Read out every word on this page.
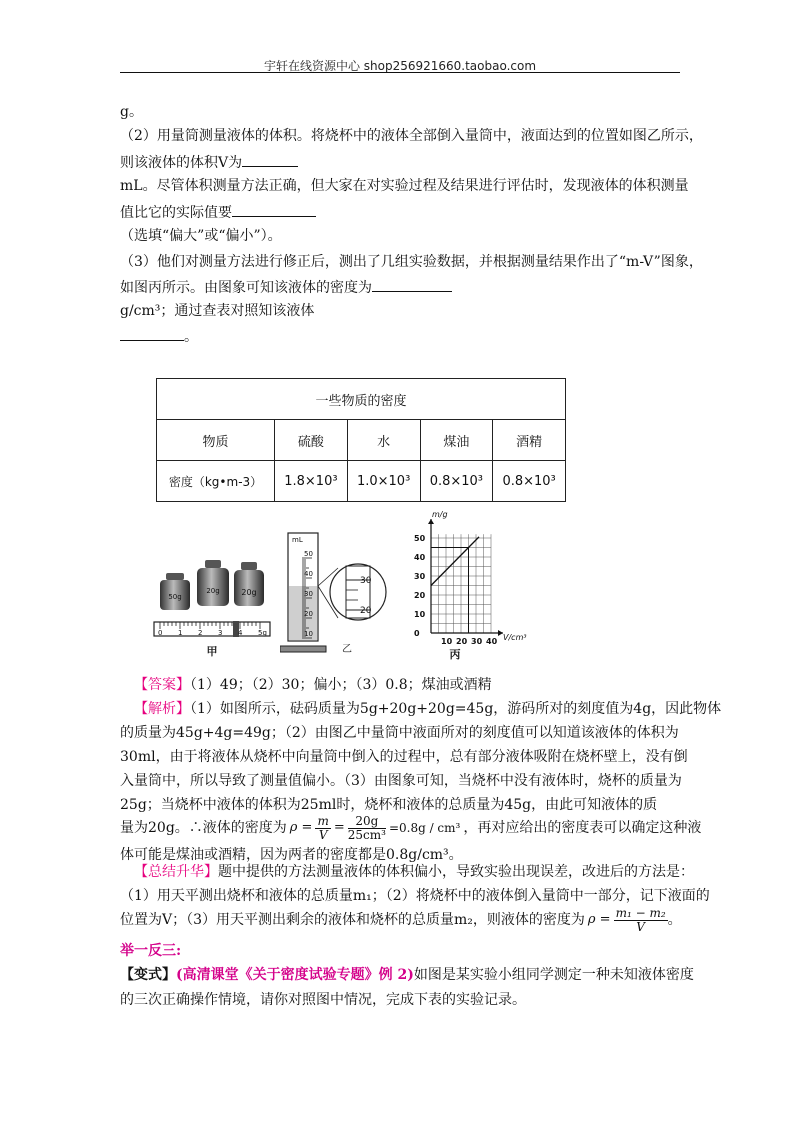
宇轩在线资源中心 shop256921660.taobao.com
g。
（2）用量筒测量液体的体积。将烧杯中的液体全部倒入量筒中，液面达到的位置如图乙所示，
则该液体的体积V为
mL。尽管体积测量方法正确，但大家在对实验过程及结果进行评估时，发现液体的体积测量
值比它的实际值要
（选填“偏大”或“偏小”）。
（3）他们对测量方法进行修正后，测出了几组实验数据，并根据测量结果作出了“m-V”图象，
如图丙所示。由图象可知该液体的密度为
g/cm³；通过查表对照知该液体
。
一些物质的密度				
物质	硫酸	水	煤油	酒精
密度（kg•m-3）	1.8×10³	1.0×10³	0.8×10³	0.8×10³
50g
20g	20g
0 1 2 3 4 5g
甲
mL
50
40
30
20
10
30
20
乙
50
40
30
20
10
0
10 20 30 40
m/g
V/cm³
丙
【答案】（1）49；（2）30；偏小；（3）0.8；煤油或酒精
【解析】（1）如图所示，砝码质量为5g+20g+20g=45g，游码所对的刻度值为4g，因此物体
的质量为45g+4g=49g；（2）由图乙中量筒中液面所对的刻度值可以知道该液体的体积为
30ml，由于将液体从烧杯中向量筒中倒入的过程中，总有部分液体吸附在烧杯壁上，没有倒
入量筒中，所以导致了测量值偏小。（3）由图象可知，当烧杯中没有液体时，烧杯的质量为
25g；当烧杯中液体的体积为25ml时，烧杯和液体的总质量为45g，由此可知液体的质
量为20g。∴液体的密度为 $\rho = \frac{m}{V} = \frac{20g}{\text{25cm³}} =0.8g / cm^3$ ，再对应给出的密度表可以确定这种液
体可能是煤油或酒精，因为两者的密度都是0.8g/cm³。
【总结升华】题中提供的方法测量液体的体积偏小，导致实验出现误差，改进后的方法是：
（1）用天平测出烧杯和液体的总质量m₁；（2）将烧杯中的液体倒入量筒中一部分，记下液面的
位置为V；（3）用天平测出剩余的液体和烧杯的总质量m₂，则液体的密度为 $\rho = \frac{\text{m₁ − m₂}}{V}$ 。
举一反三:
【变式】(高清课堂《关于密度试验专题》例 2)如图是某实验小组同学测定一种未知液体密度
的三次正确操作情境，请你对照图中情况，完成下表的实验记录。
